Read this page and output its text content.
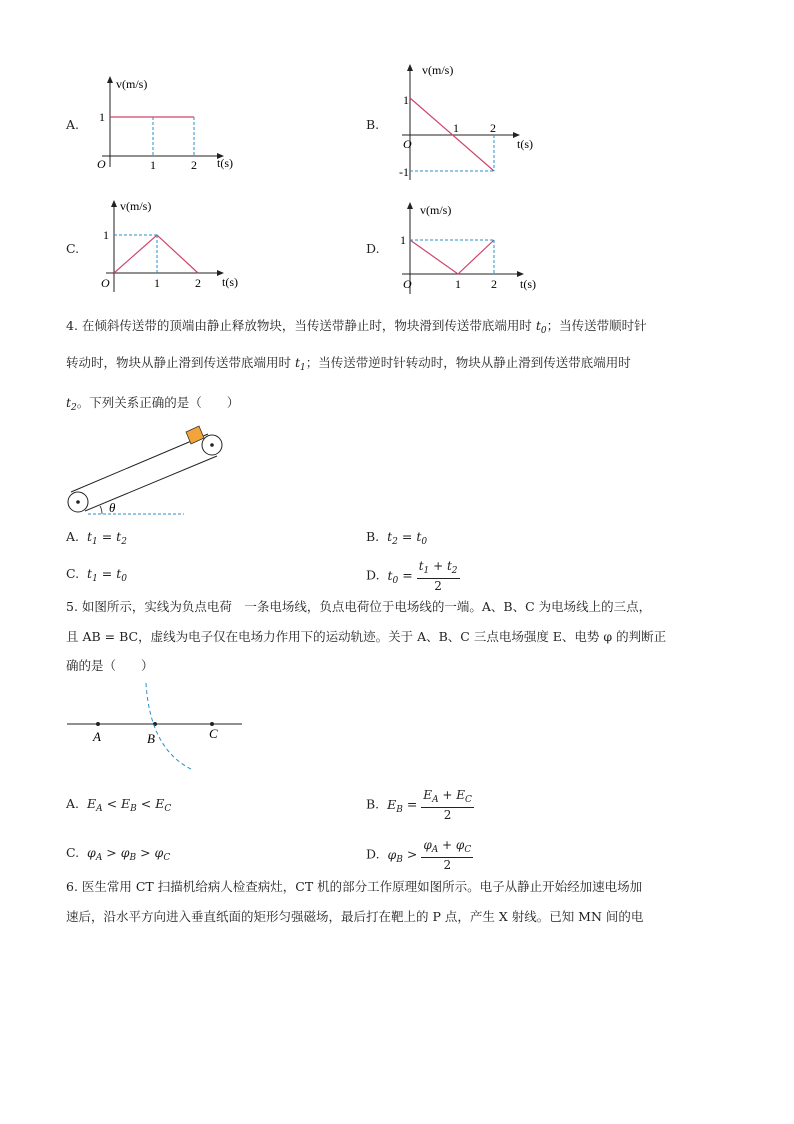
A.
v(m/s)
t(s)
O
1
1	2
B.
v(m/s)
t(s)
O
1
-1
1	2
C.
v(m/s)
t(s)
O
1
1	2
D.
v(m/s)
t(s)
O
1
1	2
4. 在倾斜传送带的顶端由静止释放物块，当传送带静止时，物块滑到传送带底端用时 $t_0$；当传送带顺时针
转动时，物块从静止滑到传送带底端用时 $t_1$；当传送带逆时针转动时，物块从静止滑到传送带底端用时
$t_2$。下列关系正确的是（　　）
θ
A. $t_1 = t_2$	B. $t_2 = t_0$
C. $t_1 = t_0$	D. $t_0 = \frac{t_1 + t_2}{2}$
5. 如图所示，实线为负点电荷　一条电场线，负点电荷位于电场线的一端。A、B、C 为电场线上的三点，
且 AB = BC，虚线为电子仅在电场力作用下的运动轨迹。关于 A、B、C 三点电场强度 E、电势 φ 的判断正
确的是（　　）
A	B	C
A. $E_A < E_B < E_C$	B. $E_B = \frac{E_A + E_C}{2}$
C. $\varphi_A > \varphi_B > \varphi_C$	D. $\varphi_B > \frac{\varphi_A + \varphi_C}{2}$
6. 医生常用 CT 扫描机给病人检查病灶，CT 机的部分工作原理如图所示。电子从静止开始经加速电场加
速后，沿水平方向进入垂直纸面的矩形匀强磁场，最后打在靶上的 P 点，产生 X 射线。已知 MN 间的电
